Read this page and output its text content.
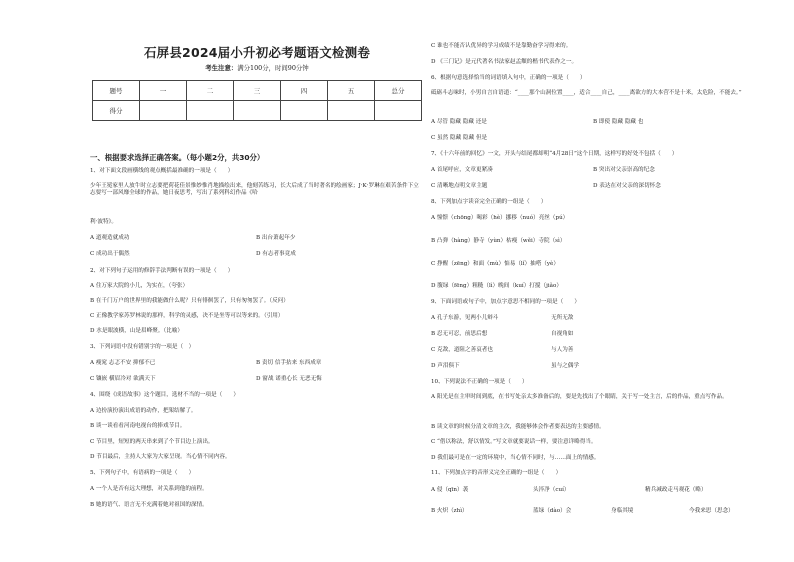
石屏县2024届小升初必考题语文检测卷
考生注意：满分100分，时间90分钟
题号	一	二	三	四	五	总分
得分						
一、根据要求选择正确答案。（每小题2分，共30分）
1、对下面文段画横线的观点概括最准确的一项是（　　）
少年王冕家里人放牛时立志要把荷花佳景惟妙惟肖地描绘出来，他刻苦练习，长大后成了当时著名的绘画家；J·K·罗琳在艰苦条件下立志要写一部风靡全球的作品，她日夜思考，写出了系列科幻作品《哈
利·波特》。
A 道观造就成功	B 出台萧起年少
C 成功出于偶然	D 有志者事竟成
2、对下列句子运用的修辞手法判断有误的一项是（　　）
A 住万家大院的小儿，为实在，（夸张）
B 在千门万户的世界里的我能做什么呢？只有徘徊罢了，只有匆匆罢了。（反问）
C 正像教学家苏罗林说的那样，科学的灵感，决不是坐等可以等来的。（引用）
D 水是眼波横，山是眉峰聚。（比喻）
3、下列词语中没有错别字的一项是（　）
A 瘦窕 志忑不安 抑郁不已	B 责切 信手拈来 东西成章
C 镶嵌 横眉冷对 欲满天下	D 窗战 诺重心长 无恶无悔
4、围绕《成语故事》这个题目，选材不当的一项是（　　）
A 边扮演扮演出成语的动作，把架结解了。
B 谈一谈看看河南电视台的捧戏节目。
C 节目里，短短的两天串来到了个节目边上演出。
D 节目最后，主持人大家为大家呈现。当心情不同内容。
5、下列句子中，有语病的一项是（　　）
A 一个人是否有远大理想，对关系到他的前程。
B 她的语气、语言无不充满着她对祖国的深情。
C 谁也不能否认优异的学习成绩不是靠勤奋学习得来的。
D 《三门记》是元代著名书法家赵孟頫的楷书代表作之一。
6、根据句意选择恰当的词语填入句中，正确的一项是（　　）
砥砺斗志味时，小男自言自语道：“____那个山洞位置____，适合____自己，____离欲方的大本营不是十米，太危险，不能去。”
A 尽管 隐藏 隐藏 还是	B 即使 隐藏 隐藏 也
C 虽然 隐藏 隐藏 但是
7、《十六年前的回忆》一文，开头与结尾都却明“4月28日”这个日期，这样写的好处不包括（　　）
A 首尾呼应，文章更紧凑	B 突出对父亲崇高的纪念
C 清晰地点明文章主题	D 表达在对父亲的深切怀念
8、下列加点字读音完全正确的一组是（　　）
A 憧憬（chōng）喝彩（hè）挪移（nuó）亮丝（pú）
B 凸弹（hàng）静寺（yùn）枯瘦（wěi）寺院（sì）
C 挣醒（zēng）和面（mù）惦易（lǐ）抽嗒（yè）
D 腹绿（fēng）粗糙（lì）晚间（kuí）打搅（jiǎo）
9、下面词语或句子中，加点字意思不相同的一项是（　　）
A 孔子东游，见两小儿辩斗	无所无敌
B 忍无可忍，前思后想	自视角如
C 克敌，道阻之善哀者也	与人为善
D 声泪俱下	虽与之偶学
10、下列说法不正确的一项是（　　）
A 阳光是在主审时间到底，在书写处亲太多准备后的，要是先找出了个眼睛，关于写一处主言，后的作品，重点写作品。
B 读文章的时候分清文章的主次，我能够体会作者要表达的主要感情。
C “借以称法，舒以情发。”写文章就要说话一样，要注意详略得当。
D 我们最可是在一定的环境中，当心情不同时，与……面上的情感。
11、下列加点字的音形义完全正确的一组是（　　）
A 侵（qīn）袭	头淬净（cuí）	精兵减政走马观花（略）
B 火炽（zhì）	蓝绿（dào）会	身临其境	今我来思（思念）
